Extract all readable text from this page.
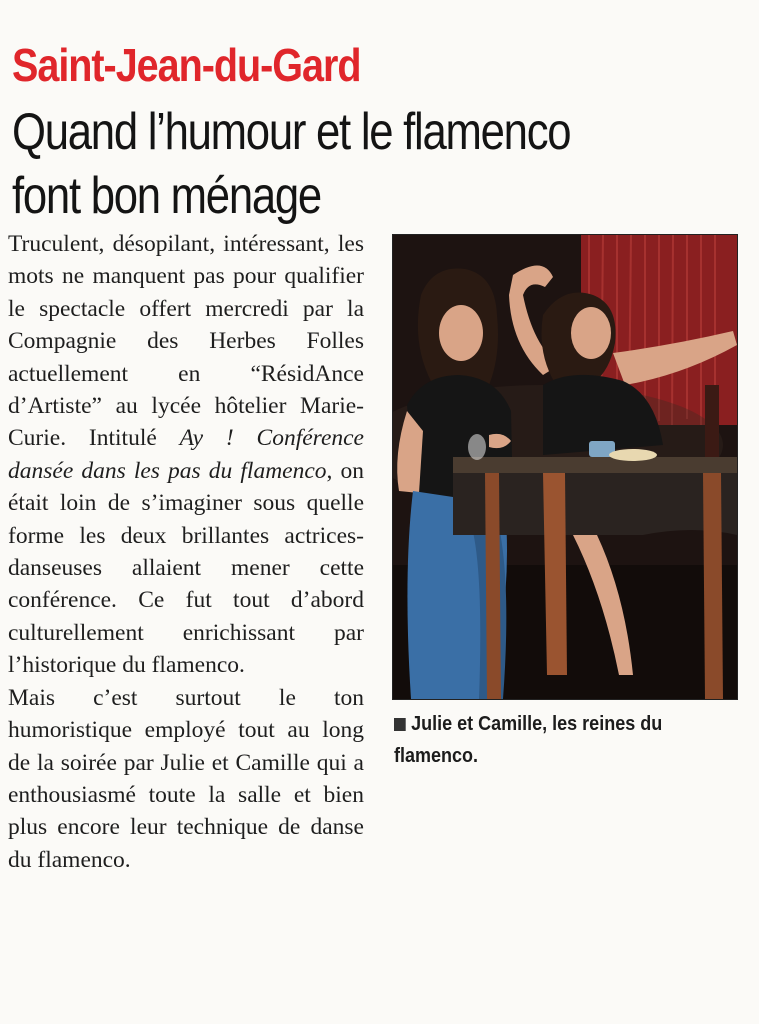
Saint-Jean-du-Gard
Quand l’humour et le flamenco
font bon ménage

Truculent, désopilant, intéressant, les mots ne manquent pas pour qualifier le spectacle offert mercredi par la Compagnie des Herbes Folles actuellement en “RésidAnce d’Artiste” au lycée hôtelier Marie-Curie. Intitulé Ay ! Conférence dansée dans les pas du flamenco, on était loin de s’imaginer sous quelle forme les deux brillantes actrices-danseuses allaient mener cette conférence. Ce fut tout d’abord culturellement enrichissant par l’historique du flamenco.

Mais c’est surtout le ton humoristique employé tout au long de la soirée par Julie et Camille qui a enthousiasmé toute la salle et bien plus encore leur technique de danse du flamenco.

Julie et Camille, les reines du flamenco.
